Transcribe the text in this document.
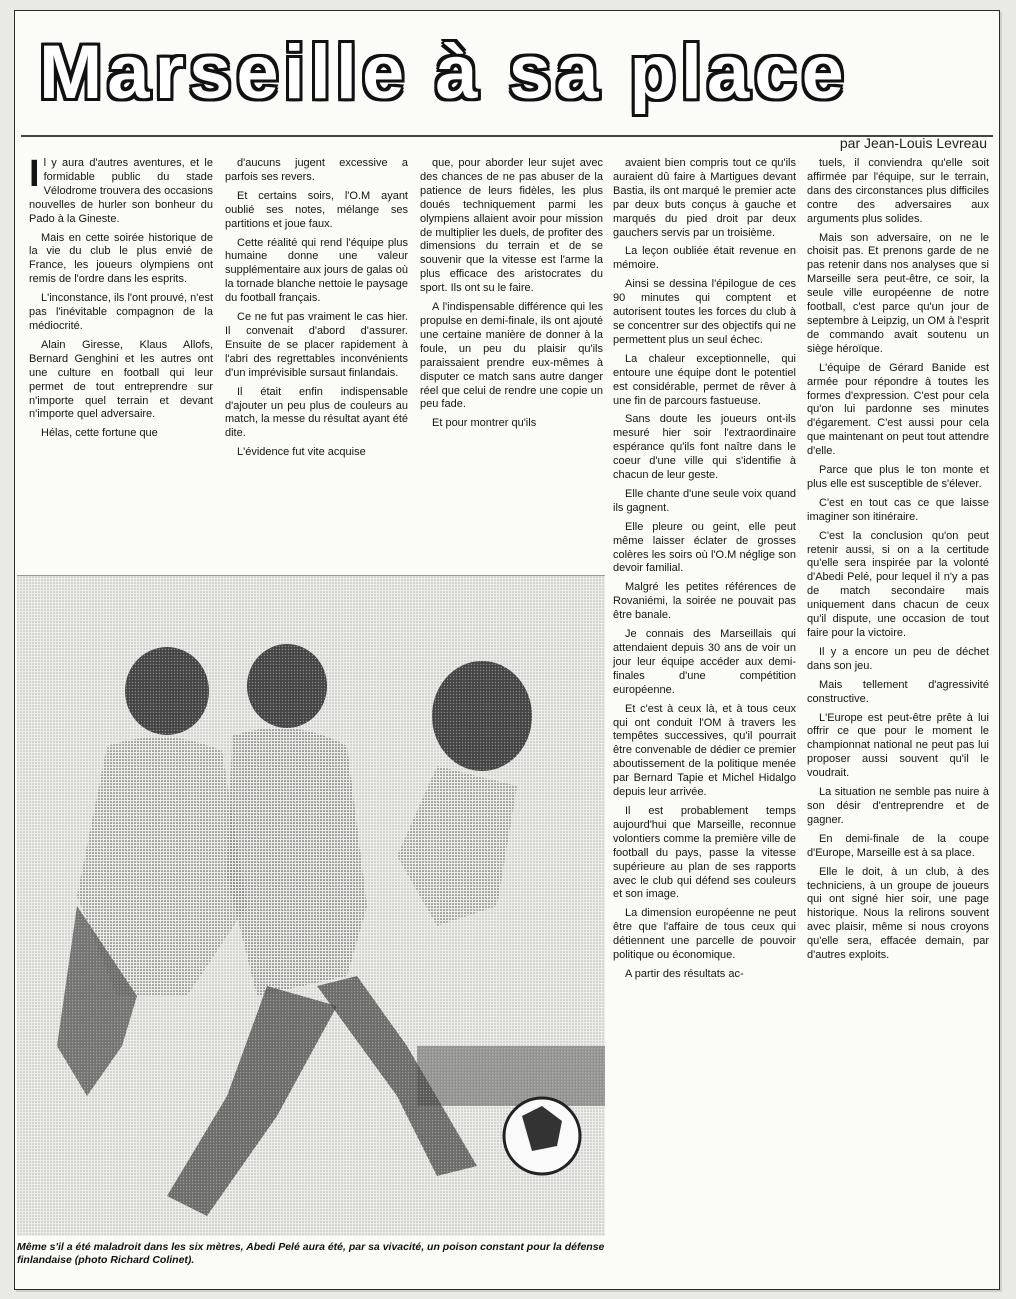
Marseille à sa place
par Jean-Louis Levreau

Il y aura d'autres aventures, et le formidable public du stade Vélodrome trouvera des occasions nouvelles de hurler son bonheur du Pado à la Gineste.

Mais en cette soirée historique de la vie du club le plus envié de France, les joueurs olympiens ont remis de l'ordre dans les esprits.

L'inconstance, ils l'ont prouvé, n'est pas l'inévitable compagnon de la médiocrité.

Alain Giresse, Klaus Allofs, Bernard Genghini et les autres ont une culture en football qui leur permet de tout entreprendre sur n'importe quel terrain et devant n'importe quel adversaire.

Hélas, cette fortune que

d'aucuns jugent excessive a parfois ses revers.

Et certains soirs, l'O.M ayant oublié ses notes, mélange ses partitions et joue faux.

Cette réalité qui rend l'équipe plus humaine donne une valeur supplémentaire aux jours de galas où la tornade blanche nettoie le paysage du football français.

Ce ne fut pas vraiment le cas hier. Il convenait d'abord d'assurer. Ensuite de se placer rapidement à l'abri des regrettables inconvénients d'un imprévisible sursaut finlandais.

Il était enfin indispensable d'ajouter un peu plus de couleurs au match, la messe du résultat ayant été dite.

L'évidence fut vite acquise

que, pour aborder leur sujet avec des chances de ne pas abuser de la patience de leurs fidèles, les plus doués techniquement parmi les olympiens allaient avoir pour mission de multiplier les duels, de profiter des dimensions du terrain et de se souvenir que la vitesse est l'arme la plus efficace des aristocrates du sport. Ils ont su le faire.

A l'indispensable différence qui les propulse en demi-finale, ils ont ajouté une certaine manière de donner à la foule, un peu du plaisir qu'ils paraissaient prendre eux-mêmes à disputer ce match sans autre danger réel que celui de rendre une copie un peu fade.

Et pour montrer qu'ils

avaient bien compris tout ce qu'ils auraient dû faire à Martigues devant Bastia, ils ont marqué le premier acte par deux buts conçus à gauche et marqués du pied droit par deux gauchers servis par un troisième.

La leçon oubliée était revenue en mémoire.

Ainsi se dessina l'épilogue de ces 90 minutes qui comptent et autorisent toutes les forces du club à se concentrer sur des objectifs qui ne permettent plus un seul échec.

La chaleur exceptionnelle, qui entoure une équipe dont le potentiel est considérable, permet de rêver à une fin de parcours fastueuse.

Sans doute les joueurs ont-ils mesuré hier soir l'extraordinaire espérance qu'ils font naître dans le coeur d'une ville qui s'identifie à chacun de leur geste.

Elle chante d'une seule voix quand ils gagnent.

Elle pleure ou geint, elle peut même laisser éclater de grosses colères les soirs où l'O.M néglige son devoir familial.

Malgré les petites références de Rovaniémi, la soirée ne pouvait pas être banale.

Je connais des Marseillais qui attendaient depuis 30 ans de voir un jour leur équipe accéder aux demi-finales d'une compétition européenne.

Et c'est à ceux là, et à tous ceux qui ont conduit l'OM à travers les tempêtes successives, qu'il pourrait être convenable de dédier ce premier aboutissement de la politique menée par Bernard Tapie et Michel Hidalgo depuis leur arrivée.

Il est probablement temps aujourd'hui que Marseille, reconnue volontiers comme la première ville de football du pays, passe la vitesse supérieure au plan de ses rapports avec le club qui défend ses couleurs et son image.

La dimension européenne ne peut être que l'affaire de tous ceux qui détiennent une parcelle de pouvoir politique ou économique.

A partir des résultats ac-

tuels, il conviendra qu'elle soit affirmée par l'équipe, sur le terrain, dans des circonstances plus difficiles contre des adversaires aux arguments plus solides.

Mais son adversaire, on ne le choisit pas. Et prenons garde de ne pas retenir dans nos analyses que si Marseille sera peut-être, ce soir, la seule ville européenne de notre football, c'est parce qu'un jour de septembre à Leipzig, un OM à l'esprit de commando avait soutenu un siège héroïque.

L'équipe de Gérard Banide est armée pour répondre à toutes les formes d'expression. C'est pour cela qu'on lui pardonne ses minutes d'égarement. C'est aussi pour cela que maintenant on peut tout attendre d'elle.

Parce que plus le ton monte et plus elle est susceptible de s'élever.

C'est en tout cas ce que laisse imaginer son itinéraire.

C'est la conclusion qu'on peut retenir aussi, si on a la certitude qu'elle sera inspirée par la volonté d'Abedi Pelé, pour lequel il n'y a pas de match secondaire mais uniquement dans chacun de ceux qu'il dispute, une occasion de tout faire pour la victoire.

Il y a encore un peu de déchet dans son jeu.

Mais tellement d'agressivité constructive.

L'Europe est peut-être prête à lui offrir ce que pour le moment le championnat national ne peut pas lui proposer aussi souvent qu'il le voudrait.

La situation ne semble pas nuire à son désir d'entreprendre et de gagner.

En demi-finale de la coupe d'Europe, Marseille est à sa place.

Elle le doit, à un club, à des techniciens, à un groupe de joueurs qui ont signé hier soir, une page historique. Nous la relirons souvent avec plaisir, même si nous croyons qu'elle sera, effacée demain, par d'autres exploits.

Même s'il a été maladroit dans les six mètres, Abedi Pelé aura été, par sa vivacité, un poison constant pour la défense finlandaise (photo Richard Colinet).
